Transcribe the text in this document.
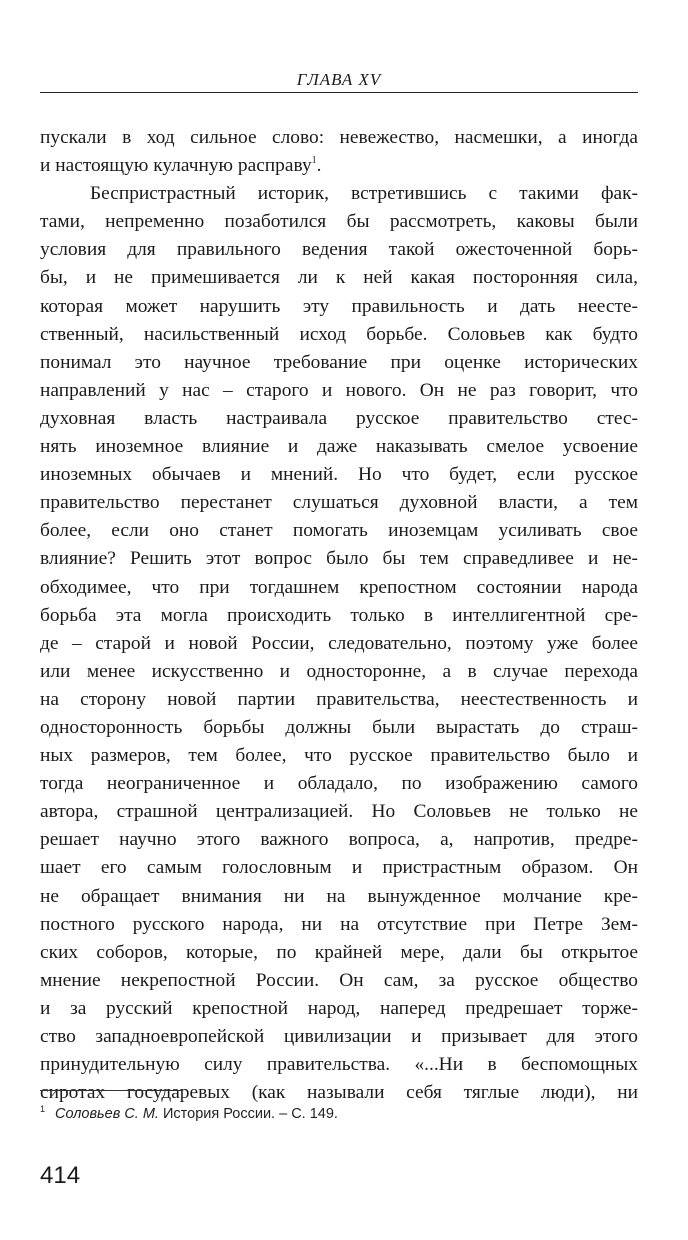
ГЛАВА XV
пускали в ход сильное слово: невежество, насмешки, а иногда
и настоящую кулачную расправу$^1$.
Беспристрастный историк, встретившись с такими фак-
тами, непременно позаботился бы рассмотреть, каковы были
условия для правильного ведения такой ожесточенной борь-
бы, и не примешивается ли к ней какая посторонняя сила,
которая может нарушить эту правильность и дать неесте-
ственный, насильственный исход борьбе. Соловьев как будто
понимал это научное требование при оценке исторических
направлений у нас – старого и нового. Он не раз говорит, что
духовная власть настраивала русское правительство стес-
нять иноземное влияние и даже наказывать смелое усвоение
иноземных обычаев и мнений. Но что будет, если русское
правительство перестанет слушаться духовной власти, а тем
более, если оно станет помогать иноземцам усиливать свое
влияние? Решить этот вопрос было бы тем справедливее и не-
обходимее, что при тогдашнем крепостном состоянии народа
борьба эта могла происходить только в интеллигентной сре-
де – старой и новой России, следовательно, поэтому уже более
или менее искусственно и односторонне, а в случае перехода
на сторону новой партии правительства, неестественность и
односторонность борьбы должны были вырастать до страш-
ных размеров, тем более, что русское правительство было и
тогда неограниченное и обладало, по изображению самого
автора, страшной централизацией. Но Соловьев не только не
решает научно этого важного вопроса, а, напротив, предре-
шает его самым голословным и пристрастным образом. Он
не обращает внимания ни на вынужденное молчание кре-
постного русского народа, ни на отсутствие при Петре Зем-
ских соборов, которые, по крайней мере, дали бы открытое
мнение некрепостной России. Он сам, за русское общество
и за русский крепостной народ, наперед предрешает торже-
ство западноевропейской цивилизации и призывает для этого
принудительную силу правительства. «...Ни в беспомощных
сиротах государевых (как называли себя тяглые люди), ни
$^1$ Соловьев С. М. История России. – С. 149.
414
